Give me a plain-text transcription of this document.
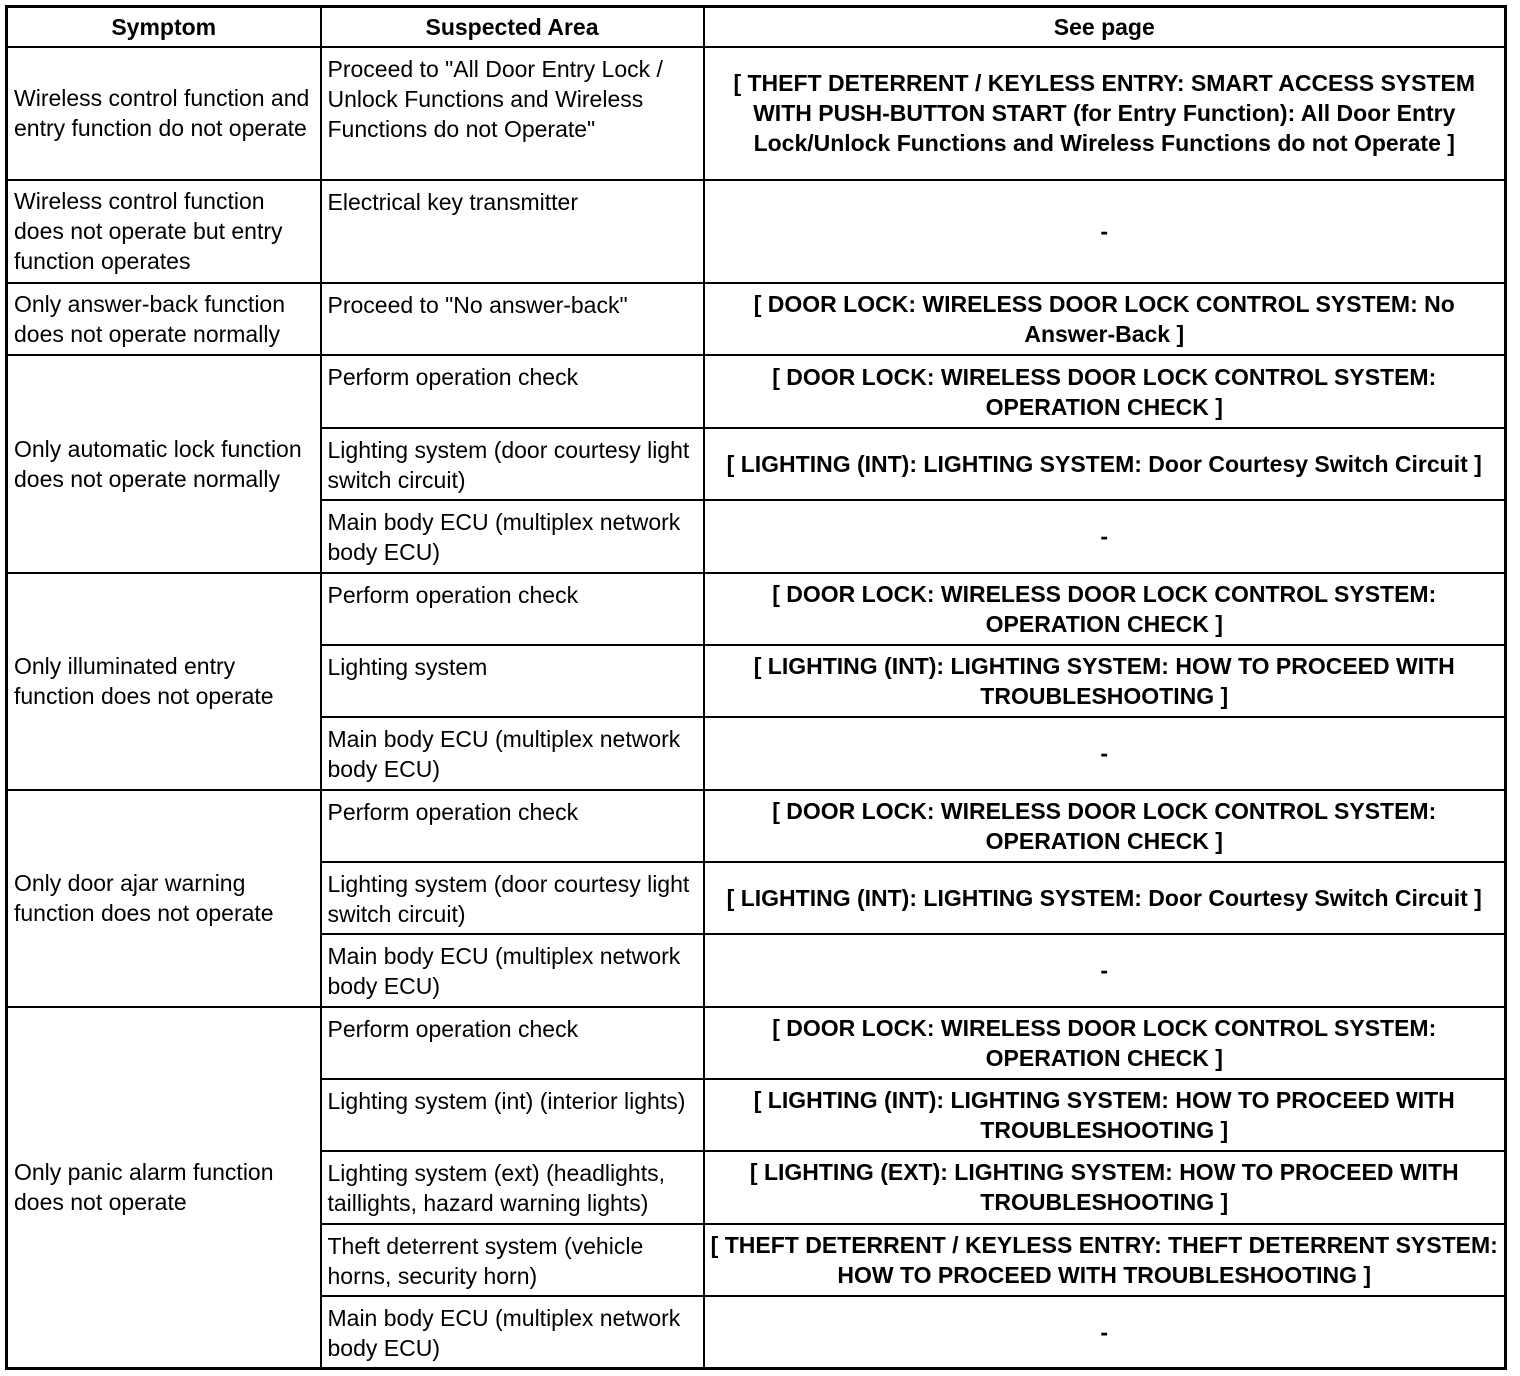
Symptom	Suspected Area	See page
Wireless control function and entry function do not operate	Proceed to "All Door Entry Lock / Unlock Functions and Wireless Functions do not Operate"	[ THEFT DETERRENT / KEYLESS ENTRY: SMART ACCESS SYSTEM WITH PUSH-BUTTON START (for Entry Function): All Door Entry Lock/Unlock Functions and Wireless Functions do not Operate ]
Wireless control function does not operate but entry function operates	Electrical key transmitter	-
Only answer-back function does not operate normally	Proceed to "No answer-back"	[ DOOR LOCK: WIRELESS DOOR LOCK CONTROL SYSTEM: No Answer-Back ]
Only automatic lock function does not operate normally	Perform operation check	[ DOOR LOCK: WIRELESS DOOR LOCK CONTROL SYSTEM: OPERATION CHECK ]
	Lighting system (door courtesy light switch circuit)	[ LIGHTING (INT): LIGHTING SYSTEM: Door Courtesy Switch Circuit ]
	Main body ECU (multiplex network body ECU)	-
Only illuminated entry function does not operate	Perform operation check	[ DOOR LOCK: WIRELESS DOOR LOCK CONTROL SYSTEM: OPERATION CHECK ]
	Lighting system	[ LIGHTING (INT): LIGHTING SYSTEM: HOW TO PROCEED WITH TROUBLESHOOTING ]
	Main body ECU (multiplex network body ECU)	-
Only door ajar warning function does not operate	Perform operation check	[ DOOR LOCK: WIRELESS DOOR LOCK CONTROL SYSTEM: OPERATION CHECK ]
	Lighting system (door courtesy light switch circuit)	[ LIGHTING (INT): LIGHTING SYSTEM: Door Courtesy Switch Circuit ]
	Main body ECU (multiplex network body ECU)	-
Only panic alarm function does not operate	Perform operation check	[ DOOR LOCK: WIRELESS DOOR LOCK CONTROL SYSTEM: OPERATION CHECK ]
	Lighting system (int) (interior lights)	[ LIGHTING (INT): LIGHTING SYSTEM: HOW TO PROCEED WITH TROUBLESHOOTING ]
	Lighting system (ext) (headlights, taillights, hazard warning lights)	[ LIGHTING (EXT): LIGHTING SYSTEM: HOW TO PROCEED WITH TROUBLESHOOTING ]
	Theft deterrent system (vehicle horns, security horn)	[ THEFT DETERRENT / KEYLESS ENTRY: THEFT DETERRENT SYSTEM: HOW TO PROCEED WITH TROUBLESHOOTING ]
	Main body ECU (multiplex network body ECU)	-
